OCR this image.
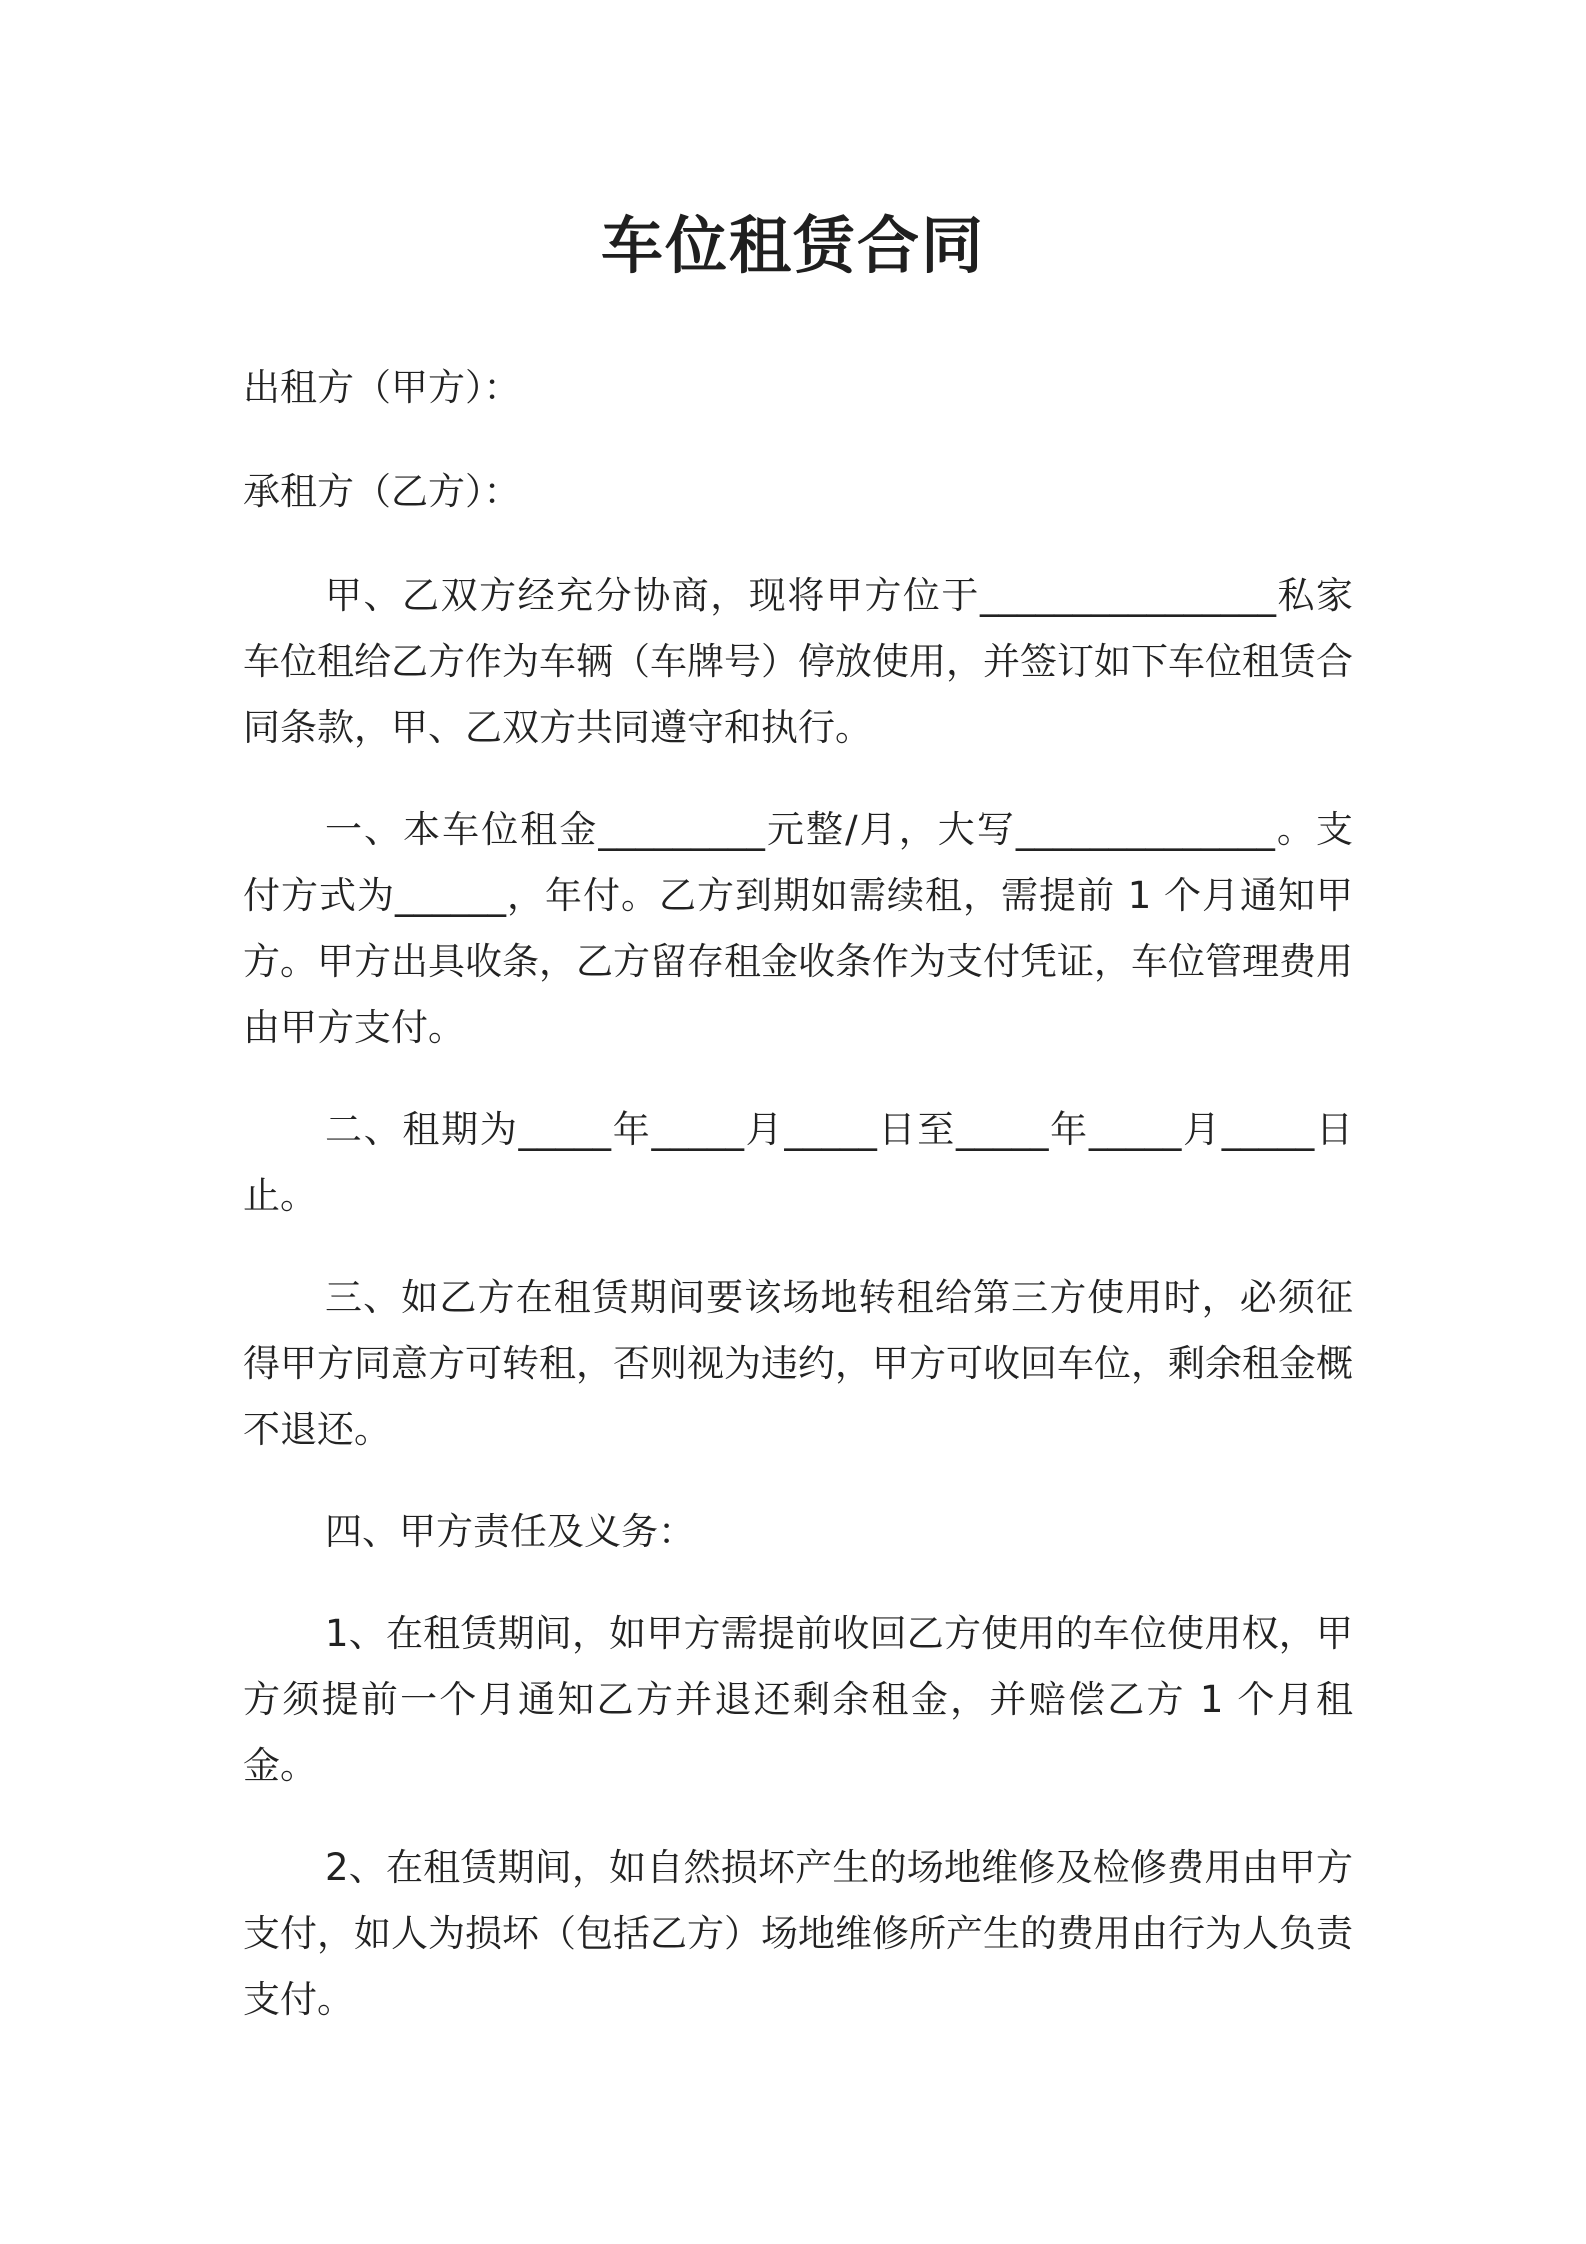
车位租赁合同
出租方（甲方）：
承租方（乙方）：

甲、乙双方经充分协商，现将甲方位于________________私家车位租给乙方作为车辆（车牌号）停放使用，并签订如下车位租赁合同条款，甲、乙双方共同遵守和执行。

一、本车位租金_________元整/月，大写______________。支付方式为______，年付。乙方到期如需续租，需提前 1 个月通知甲方。甲方出具收条，乙方留存租金收条作为支付凭证，车位管理费用由甲方支付。

二、租期为_____年_____月_____日至_____年_____月_____日止。

三、如乙方在租赁期间要该场地转租给第三方使用时，必须征得甲方同意方可转租，否则视为违约，甲方可收回车位，剩余租金概不退还。

四、甲方责任及义务：

1、在租赁期间，如甲方需提前收回乙方使用的车位使用权，甲方须提前一个月通知乙方并退还剩余租金，并赔偿乙方 1 个月租金。

2、在租赁期间，如自然损坏产生的场地维修及检修费用由甲方支付，如人为损坏（包括乙方）场地维修所产生的费用由行为人负责支付。
